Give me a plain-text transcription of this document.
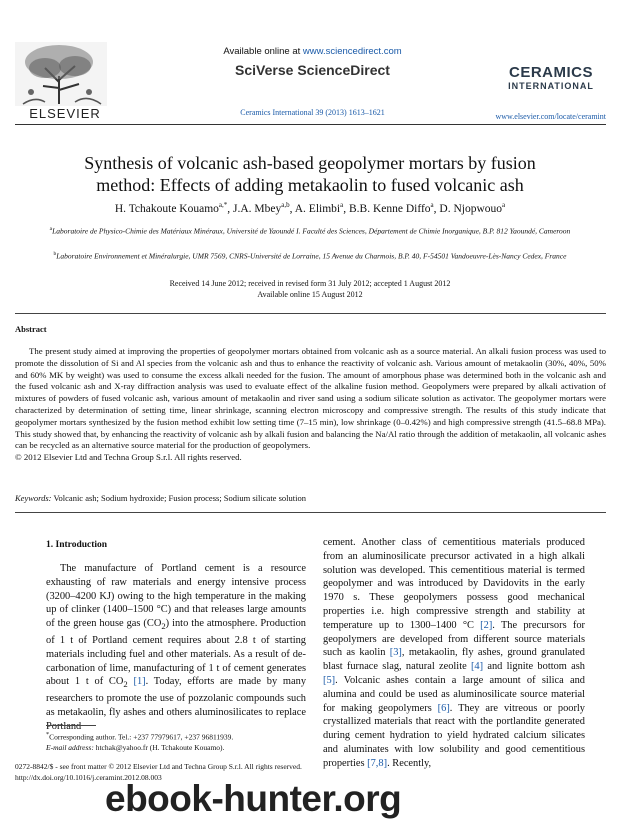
ELSEVIER
Available online at www.sciencedirect.com
SciVerse ScienceDirect
Ceramics International 39 (2013) 1613–1621
CERAMICS
INTERNATIONAL
www.elsevier.com/locate/ceramint
Synthesis of volcanic ash-based geopolymer mortars by fusion
method: Effects of adding metakaolin to fused volcanic ash
H. Tchakoute Kouamo$^{a,*}$, J.A. Mbey$^{a,b}$, A. Elimbi$^a$, B.B. Kenne Diffo$^a$, D. Njopwouo$^a$
$^a$Laboratoire de Physico-Chimie des Matériaux Minéraux, Université de Yaoundé I. Faculté des Sciences, Département de Chimie Inorganique, B.P. 812 Yaoundé, Cameroon
$^b$Laboratoire Environnement et Minéralurgie, UMR 7569, CNRS-Université de Lorraine, 15 Avenue du Charmois, B.P. 40, F-54501 Vandoeuvre-Lès-Nancy Cedex, France
Received 14 June 2012; received in revised form 31 July 2012; accepted 1 August 2012
Available online 15 August 2012
Abstract

The present study aimed at improving the properties of geopolymer mortars obtained from volcanic ash as a source material. An alkali fusion process was used to promote the dissolution of Si and Al species from the volcanic ash and thus to enhance the reactivity of volcanic ash. Various amount of metakaolin (30%, 40%, 50% and 60% MK by weight) was used to consume the excess alkali needed for the fusion. The amount of amorphous phase was determined both in the volcanic ash and the fused volcanic ash and X-ray diffraction analysis was used to evaluate effect of the alkaline fusion method. Geopolymers were prepared by alkali activation of mixtures of powders of fused volcanic ash, various amount of metakaolin and river sand using a sodium silicate solution as activator. The geopolymer mortars were characterized by determination of setting time, linear shrinkage, scanning electron microscopy and compressive strength. The results of this study indicate that geopolymer mortars synthesized by the fusion method exhibit low setting time (7–15 min), low shrinkage (0–0.42%) and high compressive strength (41.5–68.8 MPa). This study showed that, by enhancing the reactivity of volcanic ash by alkali fusion and balancing the Na/Al ratio through the addition of metakaolin, all volcanic ashes can be recycled as an alternative source material for the production of geopolymers.

© 2012 Elsevier Ltd and Techna Group S.r.l. All rights reserved.
Keywords: Volcanic ash; Sodium hydroxide; Fusion process; Sodium silicate solution
1. Introduction

The manufacture of Portland cement is a resource exhausting of raw materials and energy intensive process (3200–4200 KJ) owing to the high temperature in the making up of clinker (1400–1500 °C) and that releases large amounts of the green house gas $(CO_2)$ into the atmosphere. Production of 1 t of Portland cement requires about 2.8 t of starting materials including fuel and other materials. As a result of de-carbonation of lime, manufacturing of 1 t of cement generates about 1 t of $CO_2$ [1]. Today, efforts are made by many researchers to promote the use of pozzolanic compounds such as metakaolin, fly ashes and others aluminosilicates to replace Portland

cement. Another class of cementitious materials produced from an aluminosilicate precursor activated in a high alkali solution was developed. This cementitious material is termed geopolymer and was introduced by Davidovits in the early 1970 s. These geopolymers possess good mechanical properties i.e. high compressive strength and stability at temperature up to 1300–1400 °C [2]. The precursors for geopolymers are developed from different source materials such as kaolin [3], metakaolin, fly ashes, ground granulated blast furnace slag, natural zeolite [4] and lignite bottom ash [5]. Volcanic ashes contain a large amount of silica and alumina and could be used as aluminosilicate source material for making geopolymers [6]. They are vitreous or poorly crystallized materials that react with the portlandite generated during cement hydration to yield hydrated calcium silicates and aluminates with low solubility and good cementitious properties [7,8]. Recently,

*Corresponding author. Tel.: +237 77979617, +237 96811939.
E-mail address: htchak@yahoo.fr (H. Tchakoute Kouamo).
0272-8842/$ - see front matter © 2012 Elsevier Ltd and Techna Group S.r.l. All rights reserved.
http://dx.doi.org/10.1016/j.ceramint.2012.08.003
ebook-hunter.org
